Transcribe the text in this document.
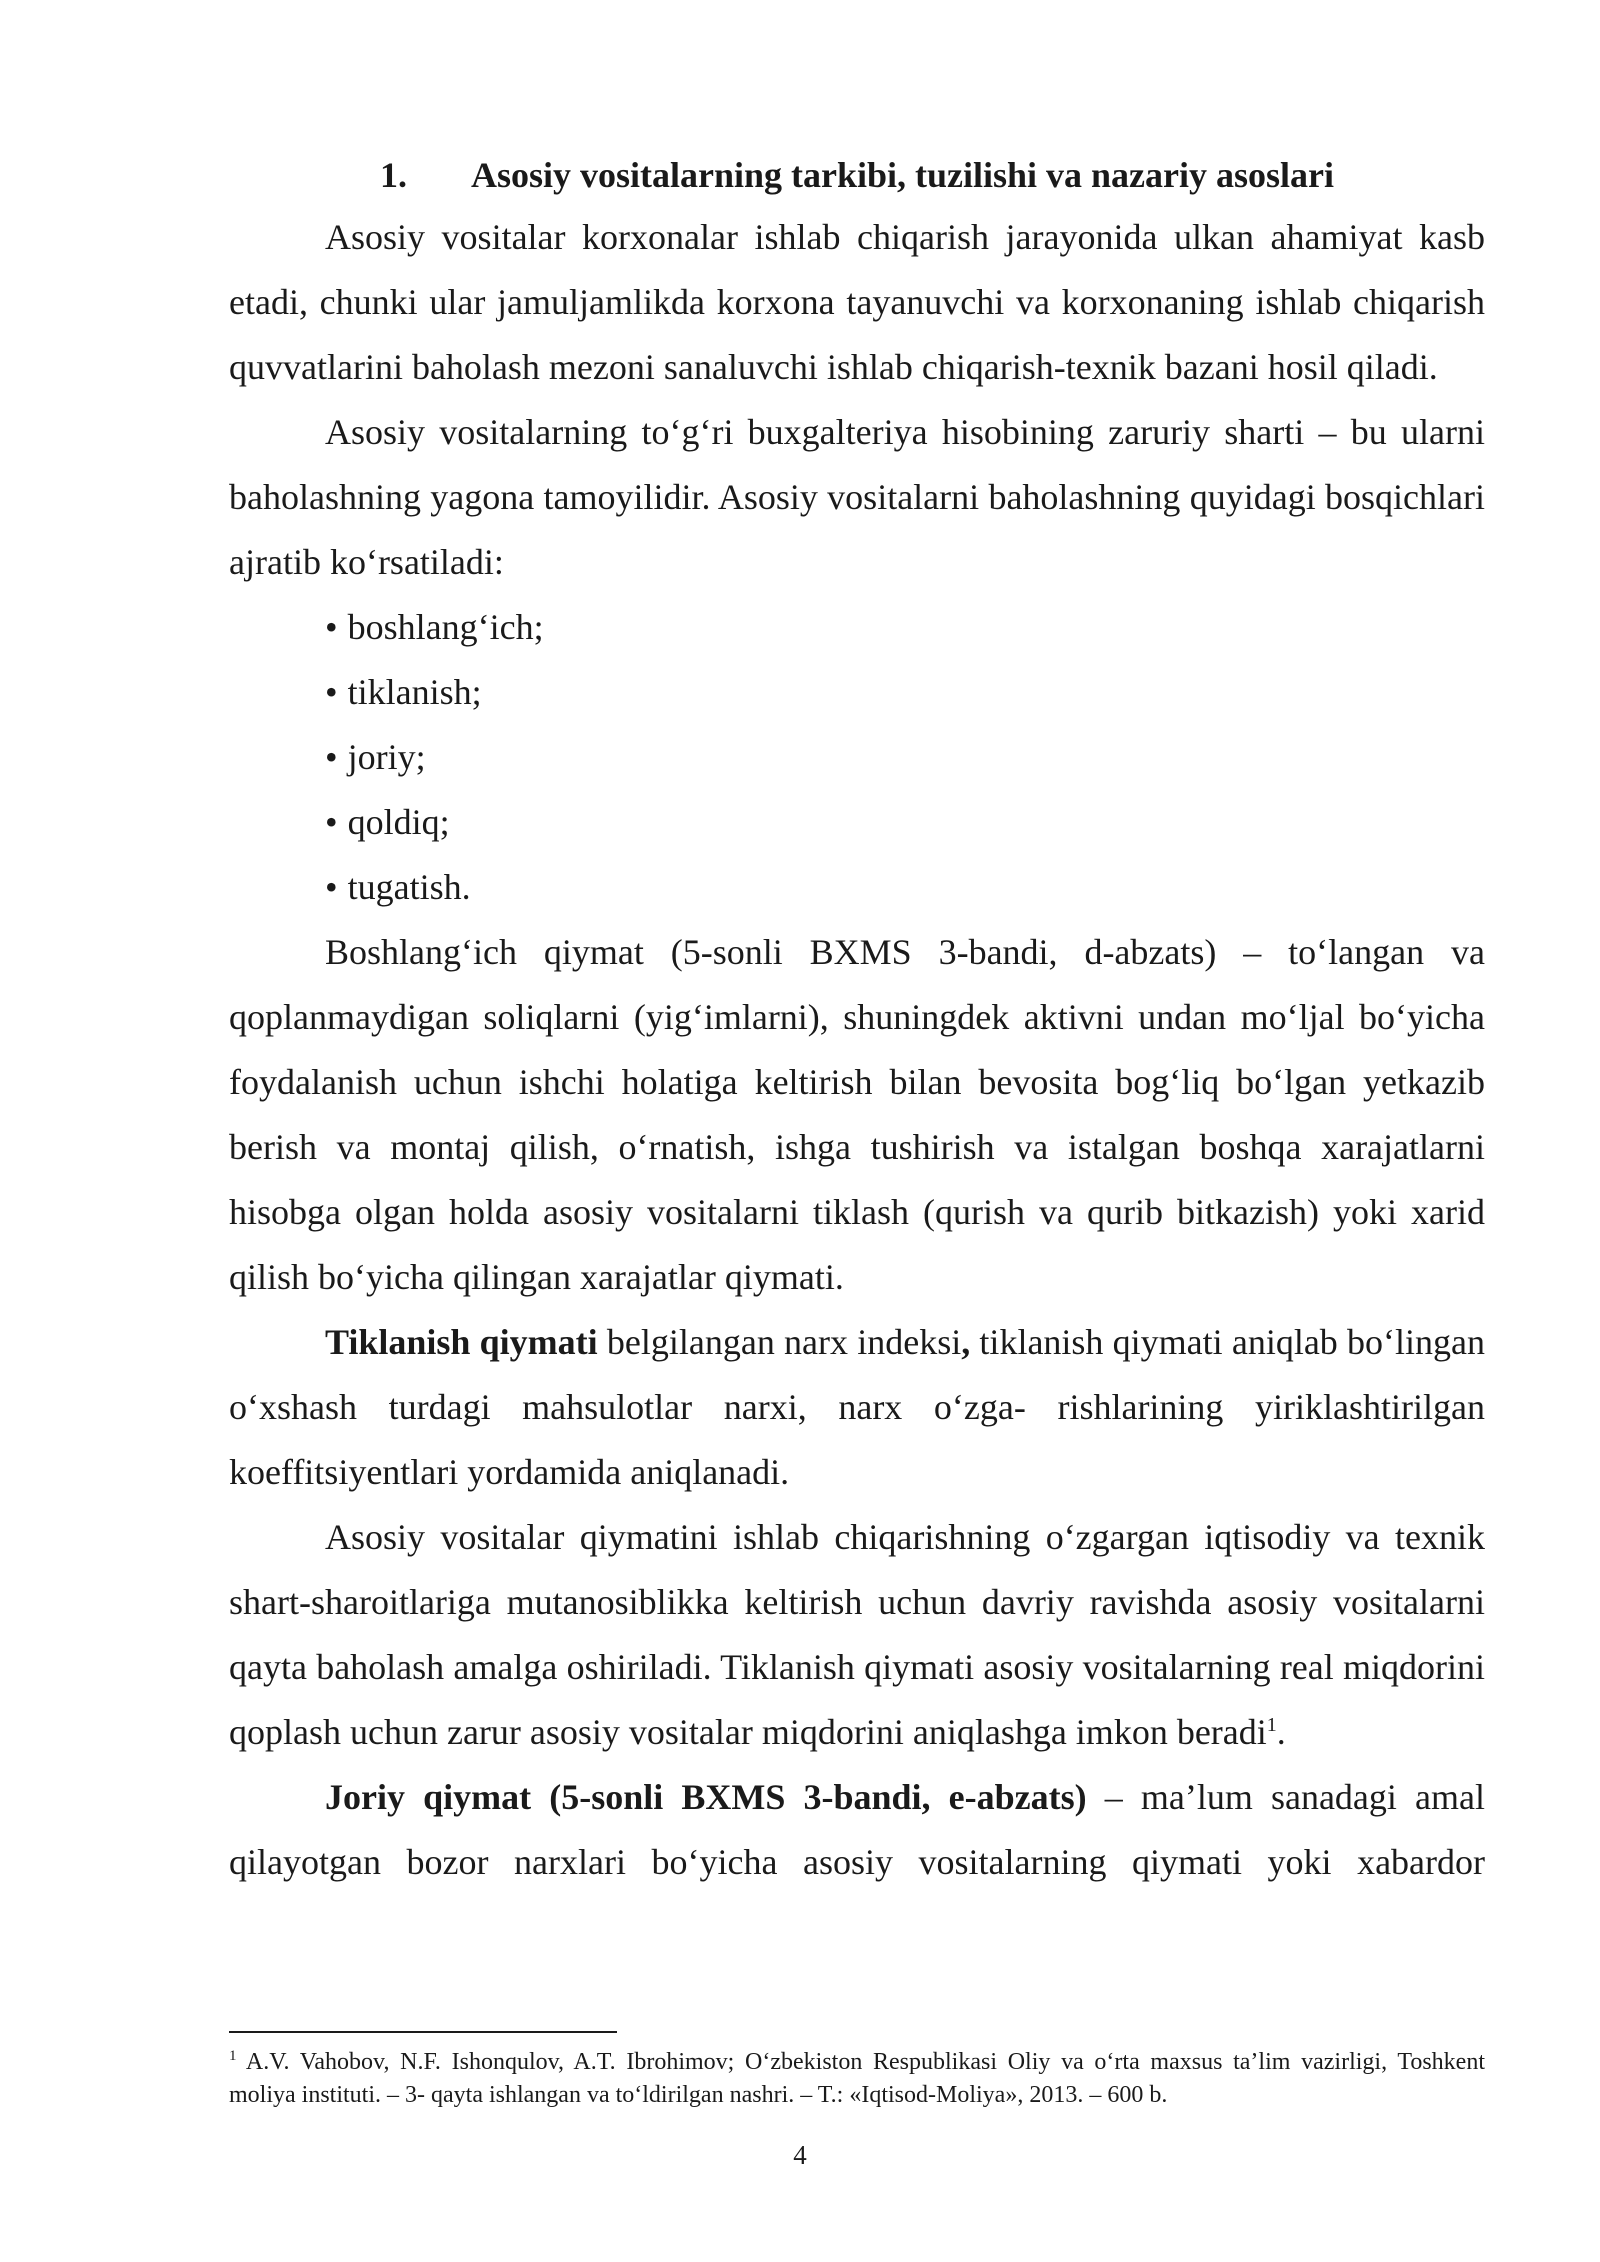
1. Asosiy vositalarning tarkibi, tuzilishi va nazariy asoslari

Asosiy vositalar korxonalar ishlab chiqarish jarayonida ulkan ahamiyat kasb etadi, chunki ular jamuljamlikda korxona tayanuvchi va korxonaning ishlab chiqarish quvvatlarini baholash mezoni sanaluvchi ishlab chiqarish-texnik bazani hosil qiladi.

Asosiy vositalarning to‘g‘ri buxgalteriya hisobining zaruriy sharti – bu ularni baholashning yagona tamoyilidir. Asosiy vositalarni baholashning quyidagi bosqichlari ajratib ko‘rsatiladi:

• boshlang‘ich;
• tiklanish;
• joriy;
• qoldiq;
• tugatish.

Boshlang‘ich qiymat (5-sonli BXMS 3-bandi, d-abzats) – to‘langan va qoplanmaydigan soliqlarni (yig‘imlarni), shuningdek aktivni undan mo‘ljal bo‘yicha foydalanish uchun ishchi holatiga keltirish bilan bevosita bog‘liq bo‘lgan yetkazib berish va montaj qilish, o‘rnatish, ishga tushirish va istalgan boshqa xarajatlarni hisobga olgan holda asosiy vositalarni tiklash (qurish va qurib bitkazish) yoki xarid qilish bo‘yicha qilingan xarajatlar qiymati.

Tiklanish qiymati belgilangan narx indeksi, tiklanish qiymati aniqlab bo‘lingan o‘xshash turdagi mahsulotlar narxi, narx o‘zga- rishlarining yiriklashtirilgan koeffitsiyentlari yordamida aniqlanadi.

Asosiy vositalar qiymatini ishlab chiqarishning o‘zgargan iqtisodiy va texnik shart-sharoitlariga mutanosiblikka keltirish uchun davriy ravishda asosiy vositalarni qayta baholash amalga oshiriladi. Tiklanish qiymati asosiy vositalarning real miqdorini qoplash uchun zarur asosiy vositalar miqdorini aniqlashga imkon beradi$^1$.

Joriy qiymat (5-sonli BXMS 3-bandi, e-abzats) – ma’lum sanadagi amal qilayotgan bozor narxlari bo‘yicha asosiy vositalarning qiymati yoki xabardor

$^1$ A.V. Vahobov, N.F. Ishonqulov, A.T. Ibrohimov; O‘zbekiston Respublikasi Oliy va o‘rta maxsus ta’lim vazirligi, Toshkent moliya instituti. – 3- qayta ishlangan va to‘ldirilgan nashri. – T.: «Iqtisod-Moliya», 2013. – 600 b.
4
